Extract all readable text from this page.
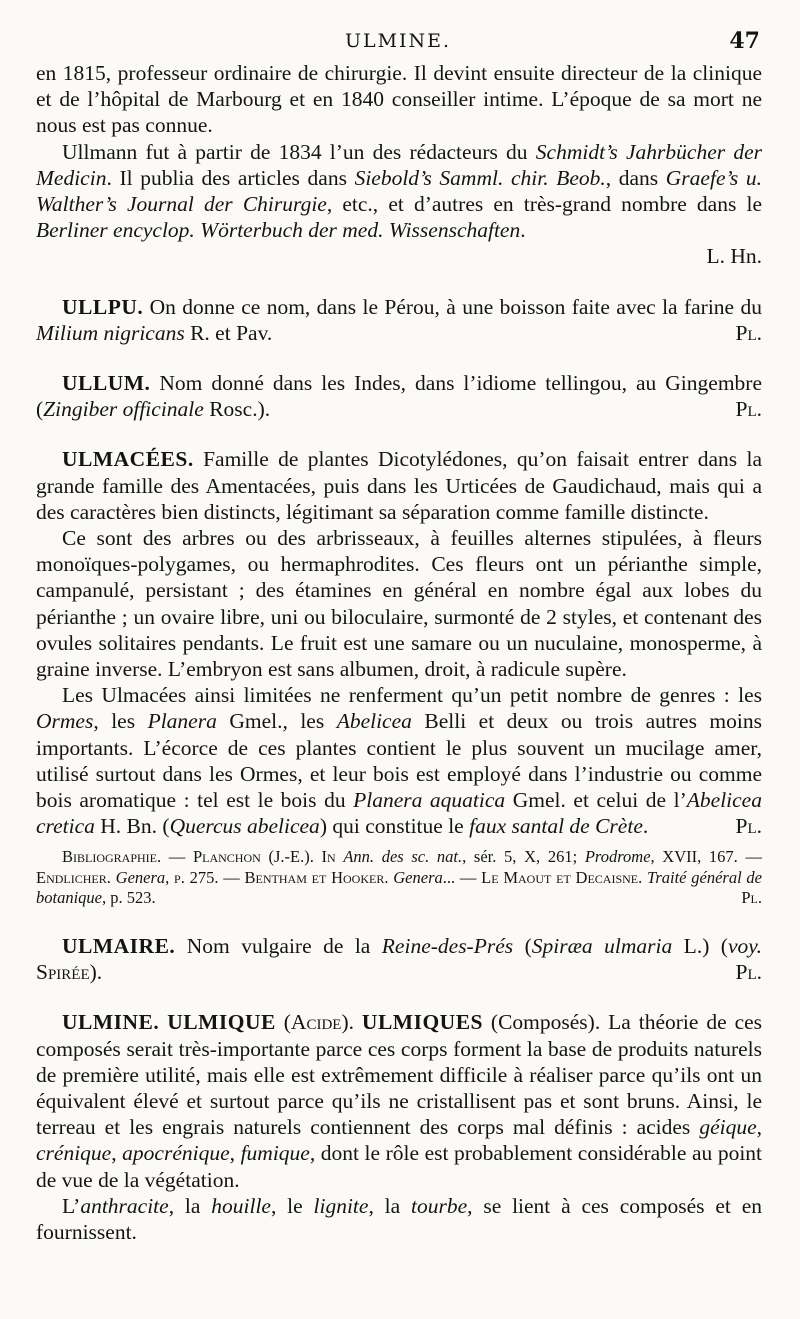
ULMINE.	47

en 1815, professeur ordinaire de chirurgie. Il devint ensuite directeur de la clinique et de l’hôpital de Marbourg et en 1840 conseiller intime. L’époque de sa mort ne nous est pas connue.

Ullmann fut à partir de 1834 l’un des rédacteurs du Schmidt’s Jahrbücher der Medicin. Il publia des articles dans Siebold’s Samml. chir. Beob., dans Graefe’s u. Walther’s Journal der Chirurgie, etc., et d’autres en très-grand nombre dans le Berliner encyclop. Wörterbuch der med. Wissenschaften.

L. Hn.

ULLPU. On donne ce nom, dans le Pérou, à une boisson faite avec la farine du Milium nigricans R. et Pav.	Pl.

ULLUM. Nom donné dans les Indes, dans l’idiome tellingou, au Gingembre (Zingiber officinale Rosc.).	Pl.

ULMACÉES. Famille de plantes Dicotylédones, qu’on faisait entrer dans la grande famille des Amentacées, puis dans les Urticées de Gaudichaud, mais qui a des caractères bien distincts, légitimant sa séparation comme famille distincte.

Ce sont des arbres ou des arbrisseaux, à feuilles alternes stipulées, à fleurs monoïques-polygames, ou hermaphrodites. Ces fleurs ont un périanthe simple, campanulé, persistant ; des étamines en général en nombre égal aux lobes du périanthe ; un ovaire libre, uni ou biloculaire, surmonté de 2 styles, et contenant des ovules solitaires pendants. Le fruit est une samare ou un nuculaine, monosperme, à graine inverse. L’embryon est sans albumen, droit, à radicule supère.

Les Ulmacées ainsi limitées ne renferment qu’un petit nombre de genres : les Ormes, les Planera Gmel., les Abelicea Belli et deux ou trois autres moins importants. L’écorce de ces plantes contient le plus souvent un mucilage amer, utilisé surtout dans les Ormes, et leur bois est employé dans l’industrie ou comme bois aromatique : tel est le bois du Planera aquatica Gmel. et celui de l’Abelicea cretica H. Bn. (Quercus abelicea) qui constitue le faux santal de Crète.	Pl.

Bibliographie. — Planchon (J.-E.). In Ann. des sc. nat., sér. 5, X, 261; Prodrome, XVII, 167. — Endlicher. Genera, p. 275. — Bentham et Hooker. Genera... — Le Maout et Decaisne. Traité général de botanique, p. 523.	Pl.

ULMAIRE. Nom vulgaire de la Reine-des-Prés (Spiræa ulmaria L.) (voy. Spirée).	Pl.

ULMINE. ULMIQUE (Acide). ULMIQUES (Composés). La théorie de ces composés serait très-importante parce ces corps forment la base de produits naturels de première utilité, mais elle est extrêmement difficile à réaliser parce qu’ils ont un équivalent élevé et surtout parce qu’ils ne cristallisent pas et sont bruns. Ainsi, le terreau et les engrais naturels contiennent des corps mal définis : acides géique, crénique, apocrénique, fumique, dont le rôle est probablement considérable au point de vue de la végétation.

L’anthracite, la houille, le lignite, la tourbe, se lient à ces composés et en fournissent.
